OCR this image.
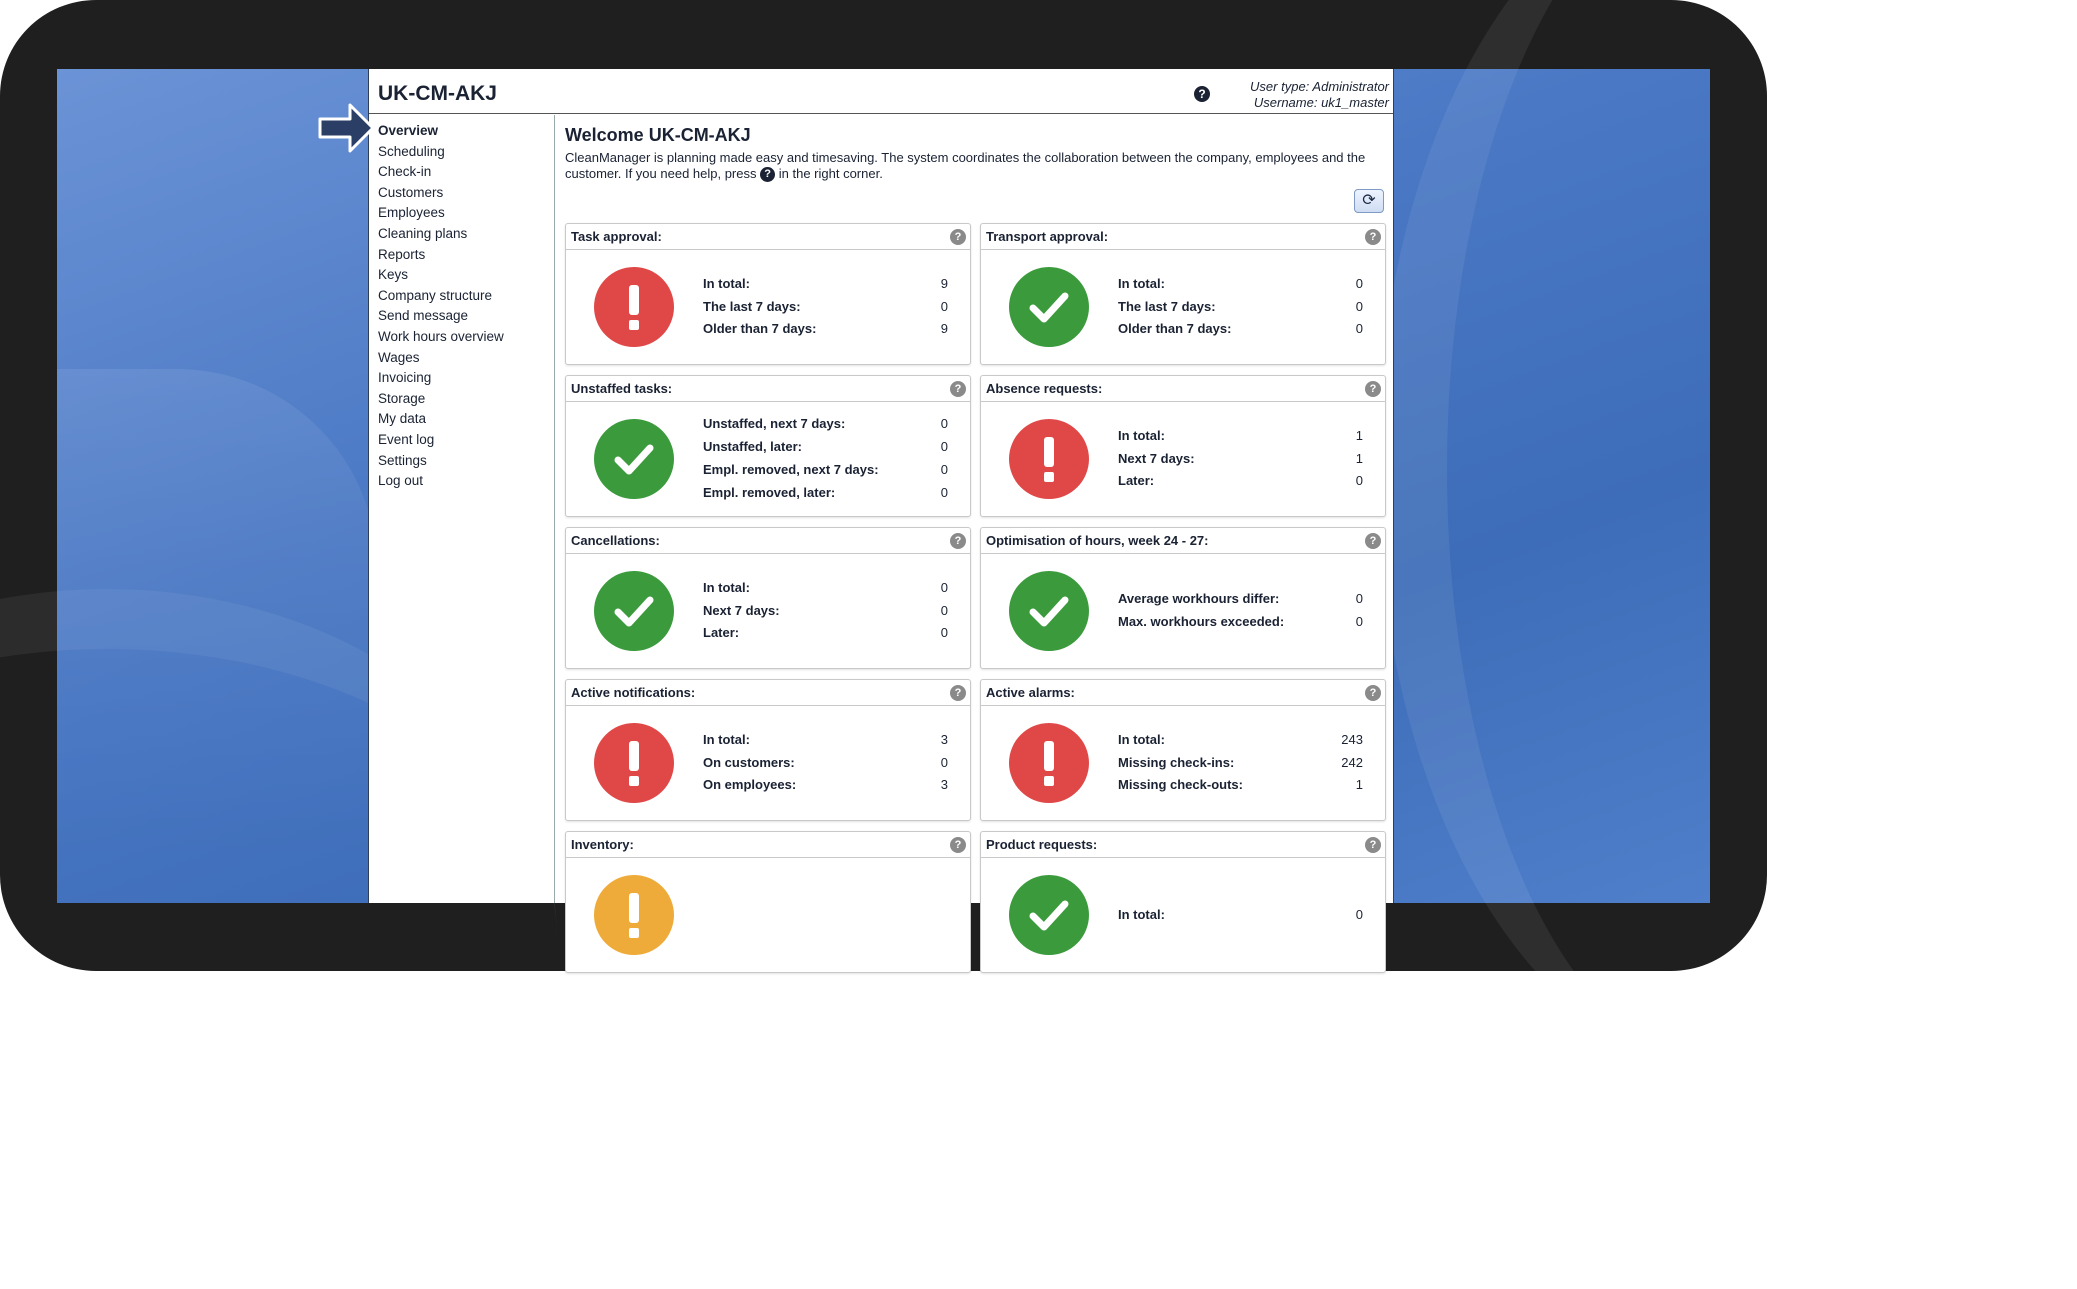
UK-CM-AKJ	?	User type: Administrator
Username: uk1_master
Overview
Scheduling
Check-in
Customers
Employees
Cleaning plans
Reports
Keys
Company structure
Send message
Work hours overview
Wages
Invoicing
Storage
My data
Event log
Settings
Log out
Welcome UK-CM-AKJ
CleanManager is planning made easy and timesaving. The system coordinates the collaboration between the company, employees and the customer. If you need help, press ? in the right corner.
⟳
Task approval:	?
In total:	9
The last 7 days:	0
Older than 7 days:	9
Transport approval:	?
In total:	0
The last 7 days:	0
Older than 7 days:	0
Unstaffed tasks:	?
Unstaffed, next 7 days:	0
Unstaffed, later:	0
Empl. removed, next 7 days:	0
Empl. removed, later:	0
Absence requests:	?
In total:	1
Next 7 days:	1
Later:	0
Cancellations:	?
In total:	0
Next 7 days:	0
Later:	0
Optimisation of hours, week 24 - 27:	?
Average workhours differ:	0
Max. workhours exceeded:	0
Active notifications:	?
In total:	3
On customers:	0
On employees:	3
Active alarms:	?
In total:	243
Missing check-ins:	242
Missing check-outs:	1
Inventory:	?	Product requests:	?
In total:	0
